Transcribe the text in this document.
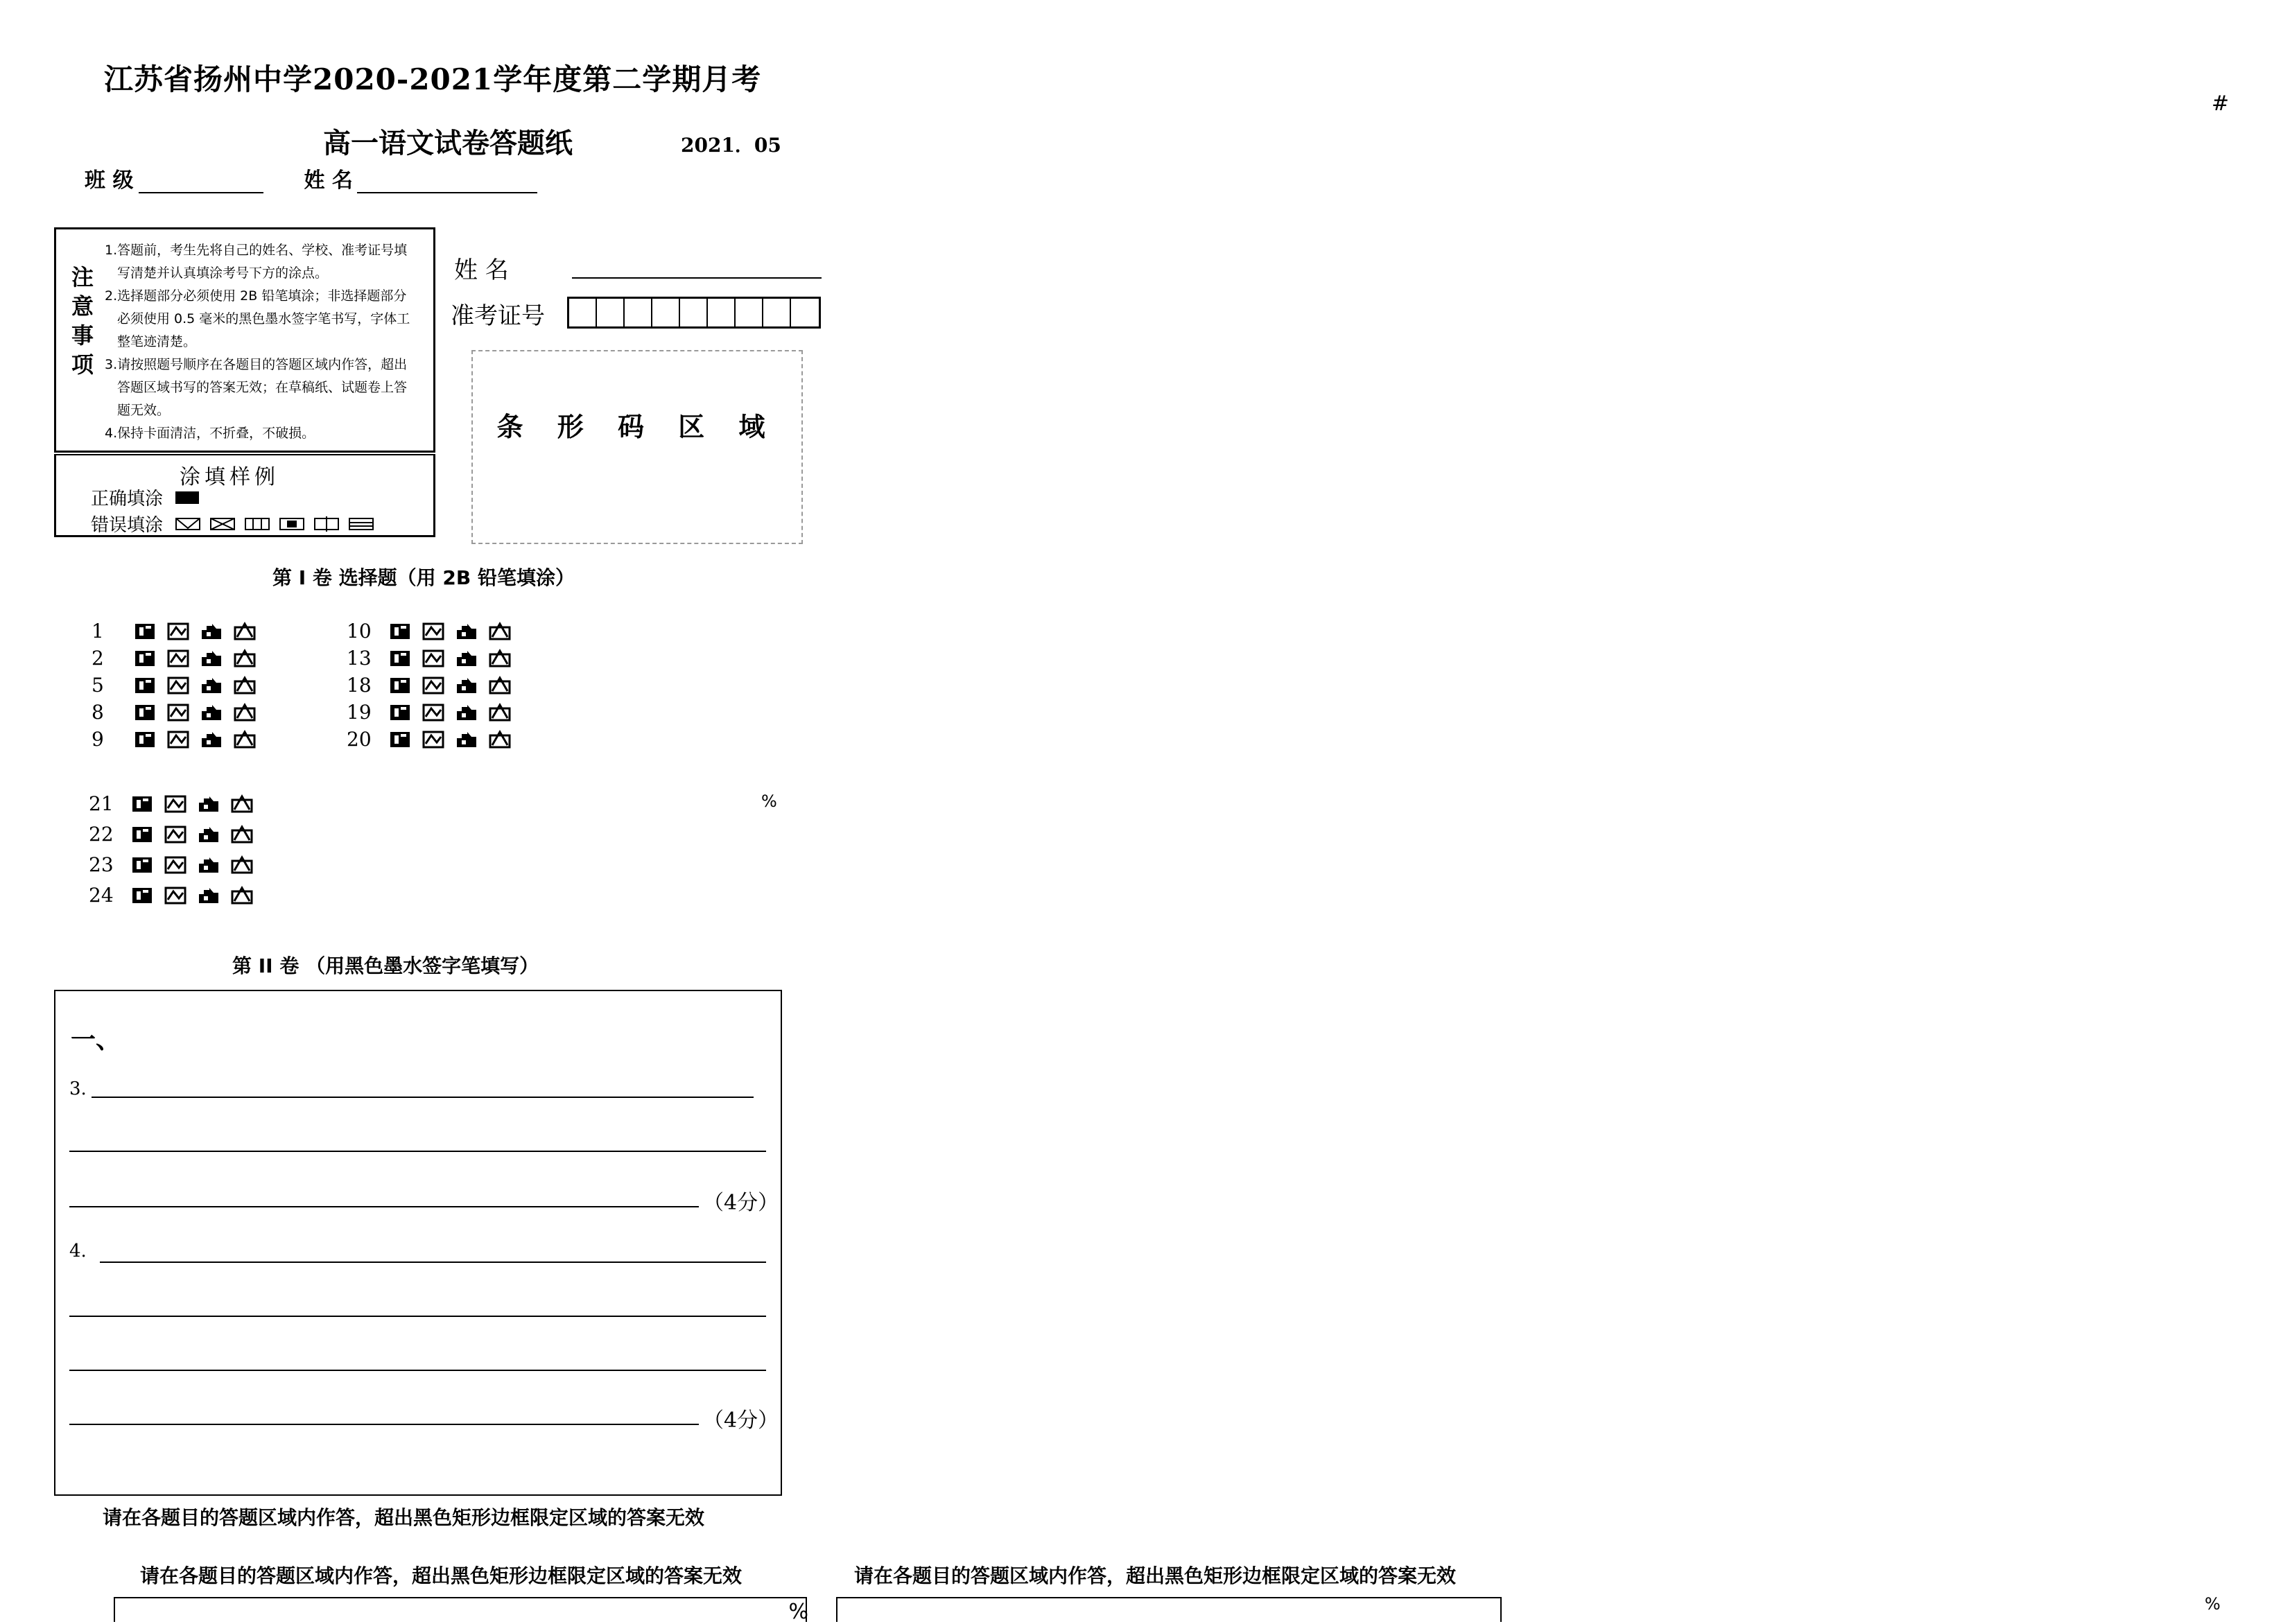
江苏省扬州中学2020-2021学年度第二学期月考
高一语文试卷答题纸	2021．05
#
班 级	姓 名
注意事项
1.答题前，考生先将自己的姓名、学校、准考证号填
写清楚并认真填涂考号下方的涂点。
2.选择题部分必须使用 2B 铅笔填涂；非选择题部分
必须使用 0.5 毫米的黑色墨水签字笔书写，字体工
整笔迹清楚。
3.请按照题号顺序在各题目的答题区域内作答，超出
答题区域书写的答案无效；在草稿纸、试题卷上答
题无效。
4.保持卡面清洁，不折叠，不破损。
涂填样例
正确填涂
错误填涂
姓 名
准考证号
条 形 码 区 域
第 I 卷 选择题（用 2B 铅笔填涂）
1
2
5
8
9
10
13
18
19
20
21
22
23
24
%
第 II 卷 （用黑色墨水签字笔填写）
一、
3.
（4分）
4.
（4分）
请在各题目的答题区域内作答，超出黑色矩形边框限定区域的答案无效
请在各题目的答题区域内作答，超出黑色矩形边框限定区域的答案无效	请在各题目的答题区域内作答，超出黑色矩形边框限定区域的答案无效
%	%
